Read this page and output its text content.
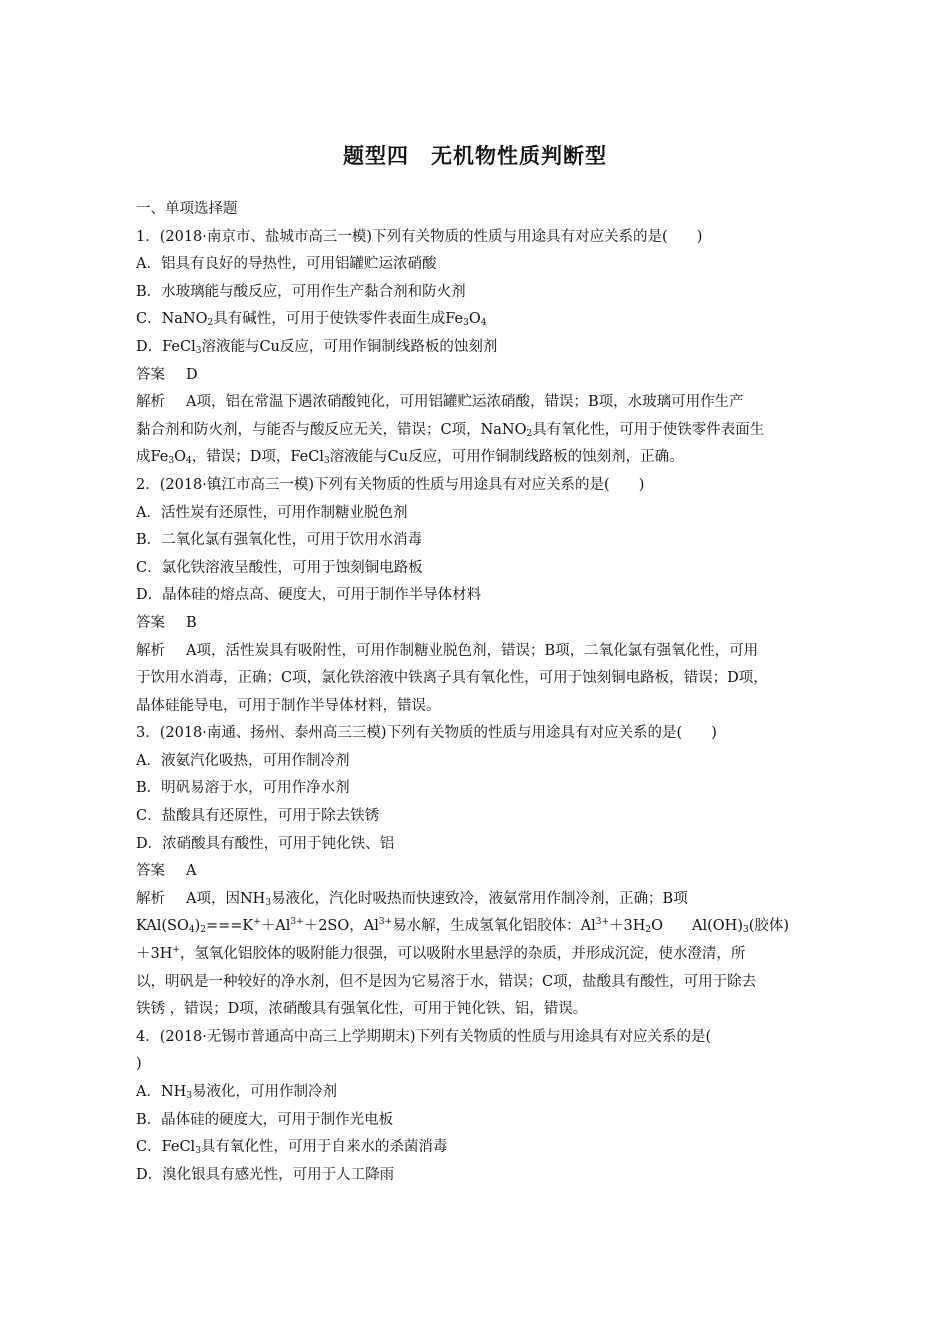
题型四 无机物性质判断型
一、单项选择题
1．(2018·南京市、盐城市高三一模)下列有关物质的性质与用途具有对应关系的是(　　)
A．铝具有良好的导热性，可用铝罐贮运浓硝酸
B．水玻璃能与酸反应，可用作生产黏合剂和防火剂
C．NaNO$_2$具有碱性，可用于使铁零件表面生成$Fe_3O_4$
D．FeCl$_3$溶液能与Cu反应，可用作铜制线路板的蚀刻剂
答案 D
解析 A项，铝在常温下遇浓硝酸钝化，可用铝罐贮运浓硝酸，错误；B项，水玻璃可用作生产
黏合剂和防火剂，与能否与酸反应无关，错误；C项，NaNO$_2$具有氧化性，可用于使铁零件表面生
成$Fe_3O_4$，错误；D项，FeCl$_3$溶液能与Cu反应，可用作铜制线路板的蚀刻剂，正确。
2．(2018·镇江市高三一模)下列有关物质的性质与用途具有对应关系的是(　　)
A．活性炭有还原性，可用作制糖业脱色剂
B．二氧化氯有强氧化性，可用于饮用水消毒
C．氯化铁溶液呈酸性，可用于蚀刻铜电路板
D．晶体硅的熔点高、硬度大，可用于制作半导体材料
答案 B
解析 A项，活性炭具有吸附性，可用作制糖业脱色剂，错误；B项，二氧化氯有强氧化性，可用
于饮用水消毒，正确；C项，氯化铁溶液中铁离子具有氧化性，可用于蚀刻铜电路板，错误；D项，
晶体硅能导电，可用于制作半导体材料，错误。
3．(2018·南通、扬州、泰州高三三模)下列有关物质的性质与用途具有对应关系的是(　　)
A．液氨汽化吸热，可用作制冷剂
B．明矾易溶于水，可用作净水剂
C．盐酸具有还原性，可用于除去铁锈
D．浓硝酸具有酸性，可用于钝化铁、铝
答案 A
解析 A项，因$NH_3$易液化，汽化时吸热而快速致冷，液氨常用作制冷剂，正确；B项
$KAl(SO_4)_2===K^++Al^{3+}+2SO$，$Al^{3+}$易水解，生成氢氧化铝胶体：$Al^{3+}+3H_2O$　　$Al(OH)_3$(胶体)
＋3H+，氢氧化铝胶体的吸附能力很强，可以吸附水里悬浮的杂质，并形成沉淀，使水澄清，所
以，明矾是一种较好的净水剂，但不是因为它易溶于水，错误；C项，盐酸具有酸性，可用于除去
铁锈 ，错误；D项，浓硝酸具有强氧化性，可用于钝化铁、铝，错误。
4．(2018·无锡市普通高中高三上学期期末)下列有关物质的性质与用途具有对应关系的是(
)
A．$NH_3$易液化，可用作制冷剂
B．晶体硅的硬度大，可用于制作光电板
C．FeCl$_3$具有氧化性，可用于自来水的杀菌消毒
D．溴化银具有感光性，可用于人工降雨
